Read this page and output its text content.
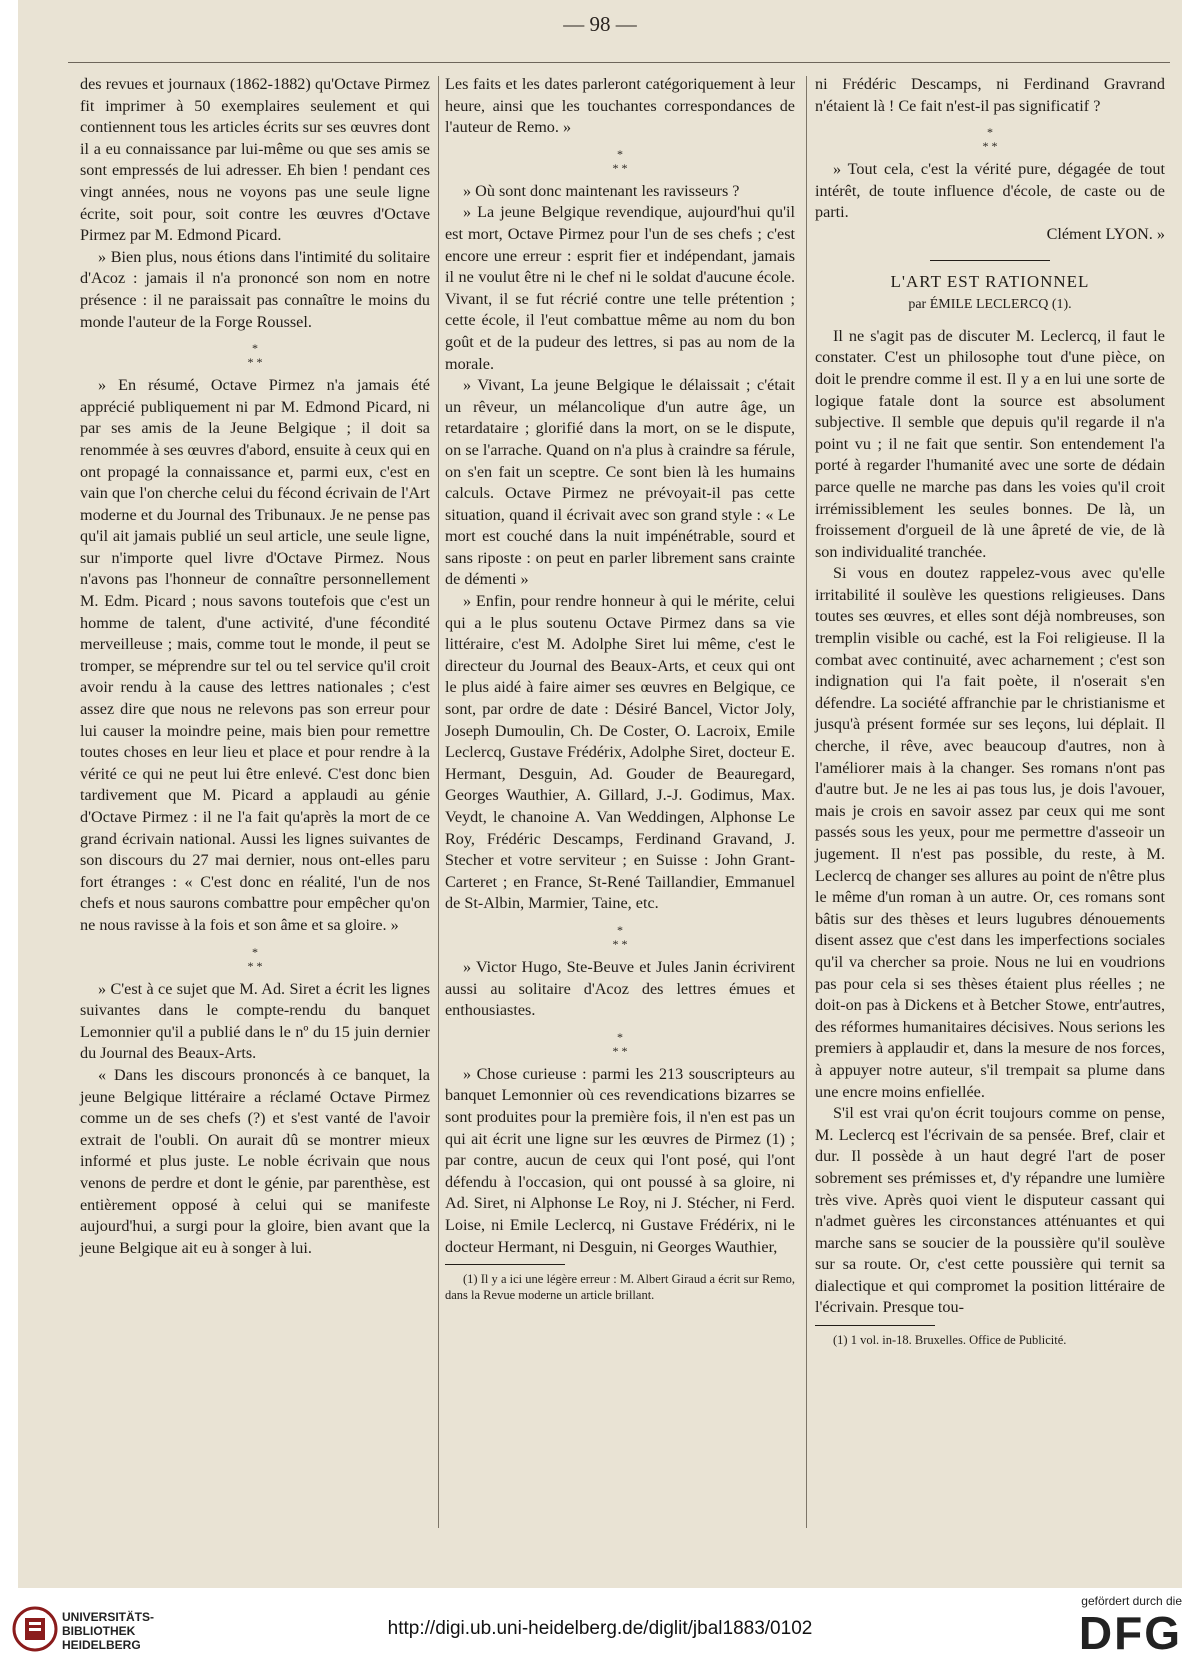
— 98 —

des revues et journaux (1862-1882) qu'Octave Pirmez fit imprimer à 50 exemplaires seulement et qui contiennent tous les articles écrits sur ses œuvres dont il a eu connaissance par lui-même ou que ses amis se sont empressés de lui adresser. Eh bien ! pendant ces vingt années, nous ne voyons pas une seule ligne écrite, soit pour, soit contre les œuvres d'Octave Pirmez par M. Edmond Picard.

» Bien plus, nous étions dans l'intimité du solitaire d'Acoz : jamais il n'a prononcé son nom en notre présence : il ne paraissait pas connaître le moins du monde l'auteur de la Forge Roussel.

*
* *

» En résumé, Octave Pirmez n'a jamais été apprécié publiquement ni par M. Edmond Picard, ni par ses amis de la Jeune Belgique ; il doit sa renommée à ses œuvres d'abord, ensuite à ceux qui en ont propagé la connaissance et, parmi eux, c'est en vain que l'on cherche celui du fécond écrivain de l'Art moderne et du Journal des Tribunaux. Je ne pense pas qu'il ait jamais publié un seul article, une seule ligne, sur n'importe quel livre d'Octave Pirmez. Nous n'avons pas l'honneur de connaître personnellement M. Edm. Picard ; nous savons toutefois que c'est un homme de talent, d'une activité, d'une fécondité merveilleuse ; mais, comme tout le monde, il peut se tromper, se méprendre sur tel ou tel service qu'il croit avoir rendu à la cause des lettres nationales ; c'est assez dire que nous ne relevons pas son erreur pour lui causer la moindre peine, mais bien pour remettre toutes choses en leur lieu et place et pour rendre à la vérité ce qui ne peut lui être enlevé. C'est donc bien tardivement que M. Picard a applaudi au génie d'Octave Pirmez : il ne l'a fait qu'après la mort de ce grand écrivain national. Aussi les lignes suivantes de son discours du 27 mai dernier, nous ont-elles paru fort étranges : « C'est donc en réalité, l'un de nos chefs et nous saurons combattre pour empêcher qu'on ne nous ravisse à la fois et son âme et sa gloire. »

*
* *

» C'est à ce sujet que M. Ad. Siret a écrit les lignes suivantes dans le compte-rendu du banquet Lemonnier qu'il a publié dans le nº du 15 juin dernier du Journal des Beaux-Arts.

« Dans les discours prononcés à ce banquet, la jeune Belgique littéraire a réclamé Octave Pirmez comme un de ses chefs (?) et s'est vanté de l'avoir extrait de l'oubli. On aurait dû se montrer mieux informé et plus juste. Le noble écrivain que nous venons de perdre et dont le génie, par parenthèse, est entièrement opposé à celui qui se manifeste aujourd'hui, a surgi pour la gloire, bien avant que la jeune Belgique ait eu à songer à lui.

Les faits et les dates parleront catégoriquement à leur heure, ainsi que les touchantes correspondances de l'auteur de Remo. »

*
* *

» Où sont donc maintenant les ravisseurs ?

» La jeune Belgique revendique, aujourd'hui qu'il est mort, Octave Pirmez pour l'un de ses chefs ; c'est encore une erreur : esprit fier et indépendant, jamais il ne voulut être ni le chef ni le soldat d'aucune école. Vivant, il se fut récrié contre une telle prétention ; cette école, il l'eut combattue même au nom du bon goût et de la pudeur des lettres, si pas au nom de la morale.

» Vivant, La jeune Belgique le délaissait ; c'était un rêveur, un mélancolique d'un autre âge, un retardataire ; glorifié dans la mort, on se le dispute, on se l'arrache. Quand on n'a plus à craindre sa férule, on s'en fait un sceptre. Ce sont bien là les humains calculs. Octave Pirmez ne prévoyait-il pas cette situation, quand il écrivait avec son grand style : « Le mort est couché dans la nuit impénétrable, sourd et sans riposte : on peut en parler librement sans crainte de démenti »

» Enfin, pour rendre honneur à qui le mérite, celui qui a le plus soutenu Octave Pirmez dans sa vie littéraire, c'est M. Adolphe Siret lui même, c'est le directeur du Journal des Beaux-Arts, et ceux qui ont le plus aidé à faire aimer ses œuvres en Belgique, ce sont, par ordre de date : Désiré Bancel, Victor Joly, Joseph Dumoulin, Ch. De Coster, O. Lacroix, Emile Leclercq, Gustave Frédérix, Adolphe Siret, docteur E. Hermant, Desguin, Ad. Gouder de Beauregard, Georges Wauthier, A. Gillard, J.-J. Godimus, Max. Veydt, le chanoine A. Van Weddingen, Alphonse Le Roy, Frédéric Descamps, Ferdinand Gravand, J. Stecher et votre serviteur ; en Suisse : John Grant-Carteret ; en France, St-René Taillandier, Emmanuel de St-Albin, Marmier, Taine, etc.

*
* *

» Victor Hugo, Ste-Beuve et Jules Janin écrivirent aussi au solitaire d'Acoz des lettres émues et enthousiastes.

*
* *

» Chose curieuse : parmi les 213 souscripteurs au banquet Lemonnier où ces revendications bizarres se sont produites pour la première fois, il n'en est pas un qui ait écrit une ligne sur les œuvres de Pirmez (1) ; par contre, aucun de ceux qui l'ont posé, qui l'ont défendu à l'occasion, qui ont poussé à sa gloire, ni Ad. Siret, ni Alphonse Le Roy, ni J. Stécher, ni Ferd. Loise, ni Emile Leclercq, ni Gustave Frédérix, ni le docteur Hermant, ni Desguin, ni Georges Wauthier,

(1) Il y a ici une légère erreur : M. Albert Giraud a écrit sur Remo, dans la Revue moderne un article brillant.

ni Frédéric Descamps, ni Ferdinand Gravrand n'étaient là ! Ce fait n'est-il pas significatif ?

*
* *

» Tout cela, c'est la vérité pure, dégagée de tout intérêt, de toute influence d'école, de caste ou de parti.

Clément LYON. »

L'ART EST RATIONNEL
par ÉMILE LECLERCQ (1).

Il ne s'agit pas de discuter M. Leclercq, il faut le constater. C'est un philosophe tout d'une pièce, on doit le prendre comme il est. Il y a en lui une sorte de logique fatale dont la source est absolument subjective. Il semble que depuis qu'il regarde il n'a point vu ; il ne fait que sentir. Son entendement l'a porté à regarder l'humanité avec une sorte de dédain parce quelle ne marche pas dans les voies qu'il croit irrémissiblement les seules bonnes. De là, un froissement d'orgueil de là une âpreté de vie, de là son individualité tranchée.

Si vous en doutez rappelez-vous avec qu'elle irritabilité il soulève les questions religieuses. Dans toutes ses œuvres, et elles sont déjà nombreuses, son tremplin visible ou caché, est la Foi religieuse. Il la combat avec continuité, avec acharnement ; c'est son indignation qui l'a fait poète, il n'oserait s'en défendre. La société affranchie par le christianisme et jusqu'à présent formée sur ses leçons, lui déplait. Il cherche, il rêve, avec beaucoup d'autres, non à l'améliorer mais à la changer. Ses romans n'ont pas d'autre but. Je ne les ai pas tous lus, je dois l'avouer, mais je crois en savoir assez par ceux qui me sont passés sous les yeux, pour me permettre d'asseoir un jugement. Il n'est pas possible, du reste, à M. Leclercq de changer ses allures au point de n'être plus le même d'un roman à un autre. Or, ces romans sont bâtis sur des thèses et leurs lugubres dénouements disent assez que c'est dans les imperfections sociales qu'il va chercher sa proie. Nous ne lui en voudrions pas pour cela si ses thèses étaient plus réelles ; ne doit-on pas à Dickens et à Betcher Stowe, entr'autres, des réformes humanitaires décisives. Nous serions les premiers à applaudir et, dans la mesure de nos forces, à appuyer notre auteur, s'il trempait sa plume dans une encre moins enfiellée.

S'il est vrai qu'on écrit toujours comme on pense, M. Leclercq est l'écrivain de sa pensée. Bref, clair et dur. Il possède à un haut degré l'art de poser sobrement ses prémisses et, d'y répandre une lumière très vive. Après quoi vient le disputeur cassant qui n'admet guères les circonstances atténuantes et qui marche sans se soucier de la poussière qu'il soulève sur sa route. Or, c'est cette poussière qui ternit sa dialectique et qui compromet la position littéraire de l'écrivain. Presque tou-

(1) 1 vol. in-18. Bruxelles. Office de Publicité.

UNIVERSITÄTS-
BIBLIOTHEK
HEIDELBERG
http://digi.ub.uni-heidelberg.de/diglit/jbal1883/0102
gefördert durch die
DFG
